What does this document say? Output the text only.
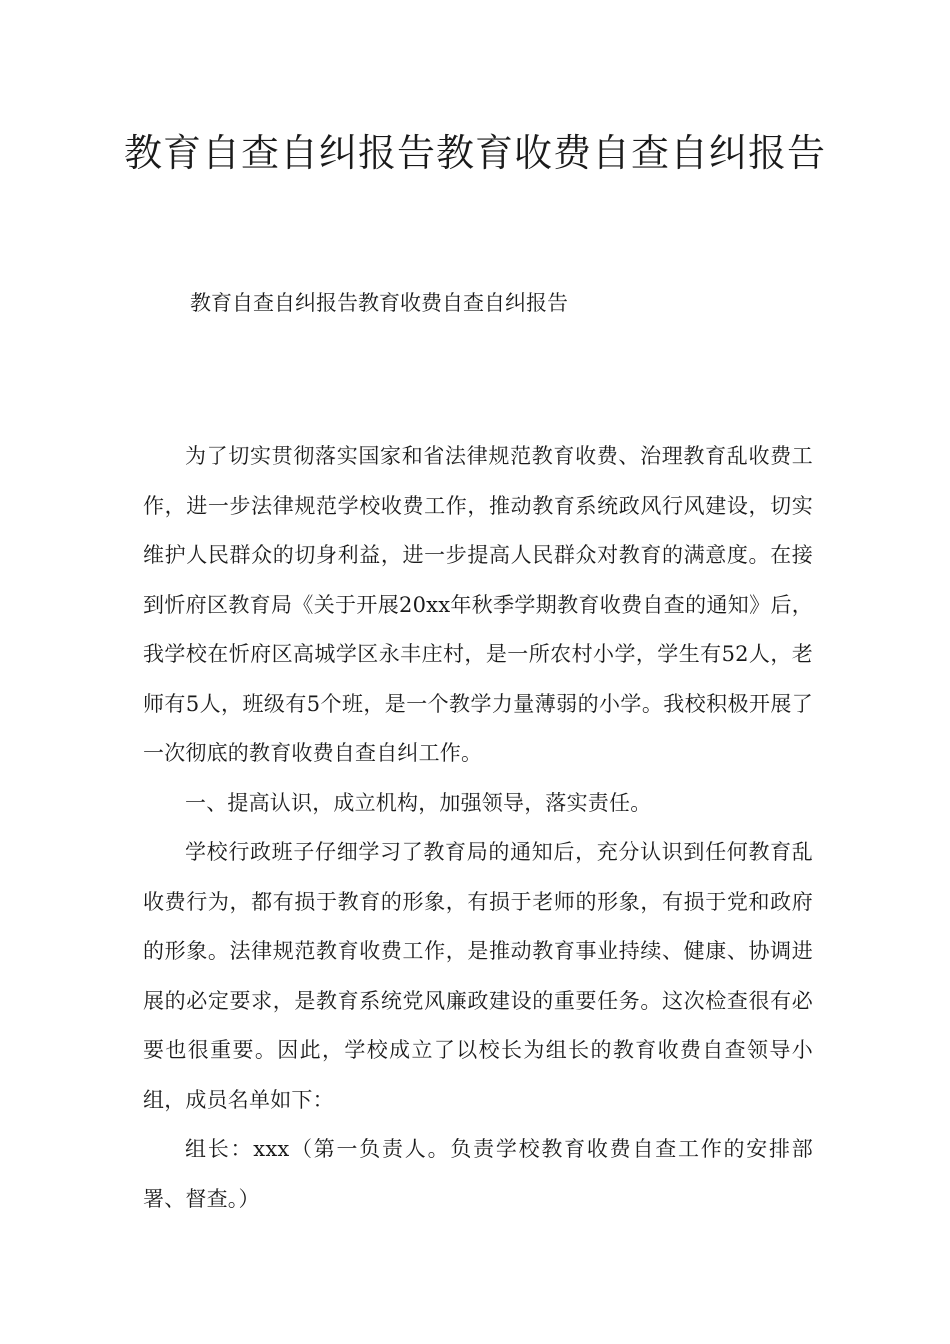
教育自查自纠报告教育收费自查自纠报告

教育自查自纠报告教育收费自查自纠报告

为了切实贯彻落实国家和省法律规范教育收费、治理教育乱收费工作，进一步法律规范学校收费工作，推动教育系统政风行风建设，切实维护人民群众的切身利益，进一步提高人民群众对教育的满意度。在接到忻府区教育局《关于开展20xx年秋季学期教育收费自查的通知》后，我学校在忻府区高城学区永丰庄村，是一所农村小学，学生有52人，老师有5人，班级有5个班，是一个教学力量薄弱的小学。我校积极开展了一次彻底的教育收费自查自纠工作。

一、提高认识，成立机构，加强领导，落实责任。

学校行政班子仔细学习了教育局的通知后，充分认识到任何教育乱收费行为，都有损于教育的形象，有损于老师的形象，有损于党和政府的形象。法律规范教育收费工作，是推动教育事业持续、健康、协调进展的必定要求，是教育系统党风廉政建设的重要任务。这次检查很有必要也很重要。因此，学校成立了以校长为组长的教育收费自查领导小组，成员名单如下：

组长：xxx（第一负责人。负责学校教育收费自查工作的安排部署、督查。）
